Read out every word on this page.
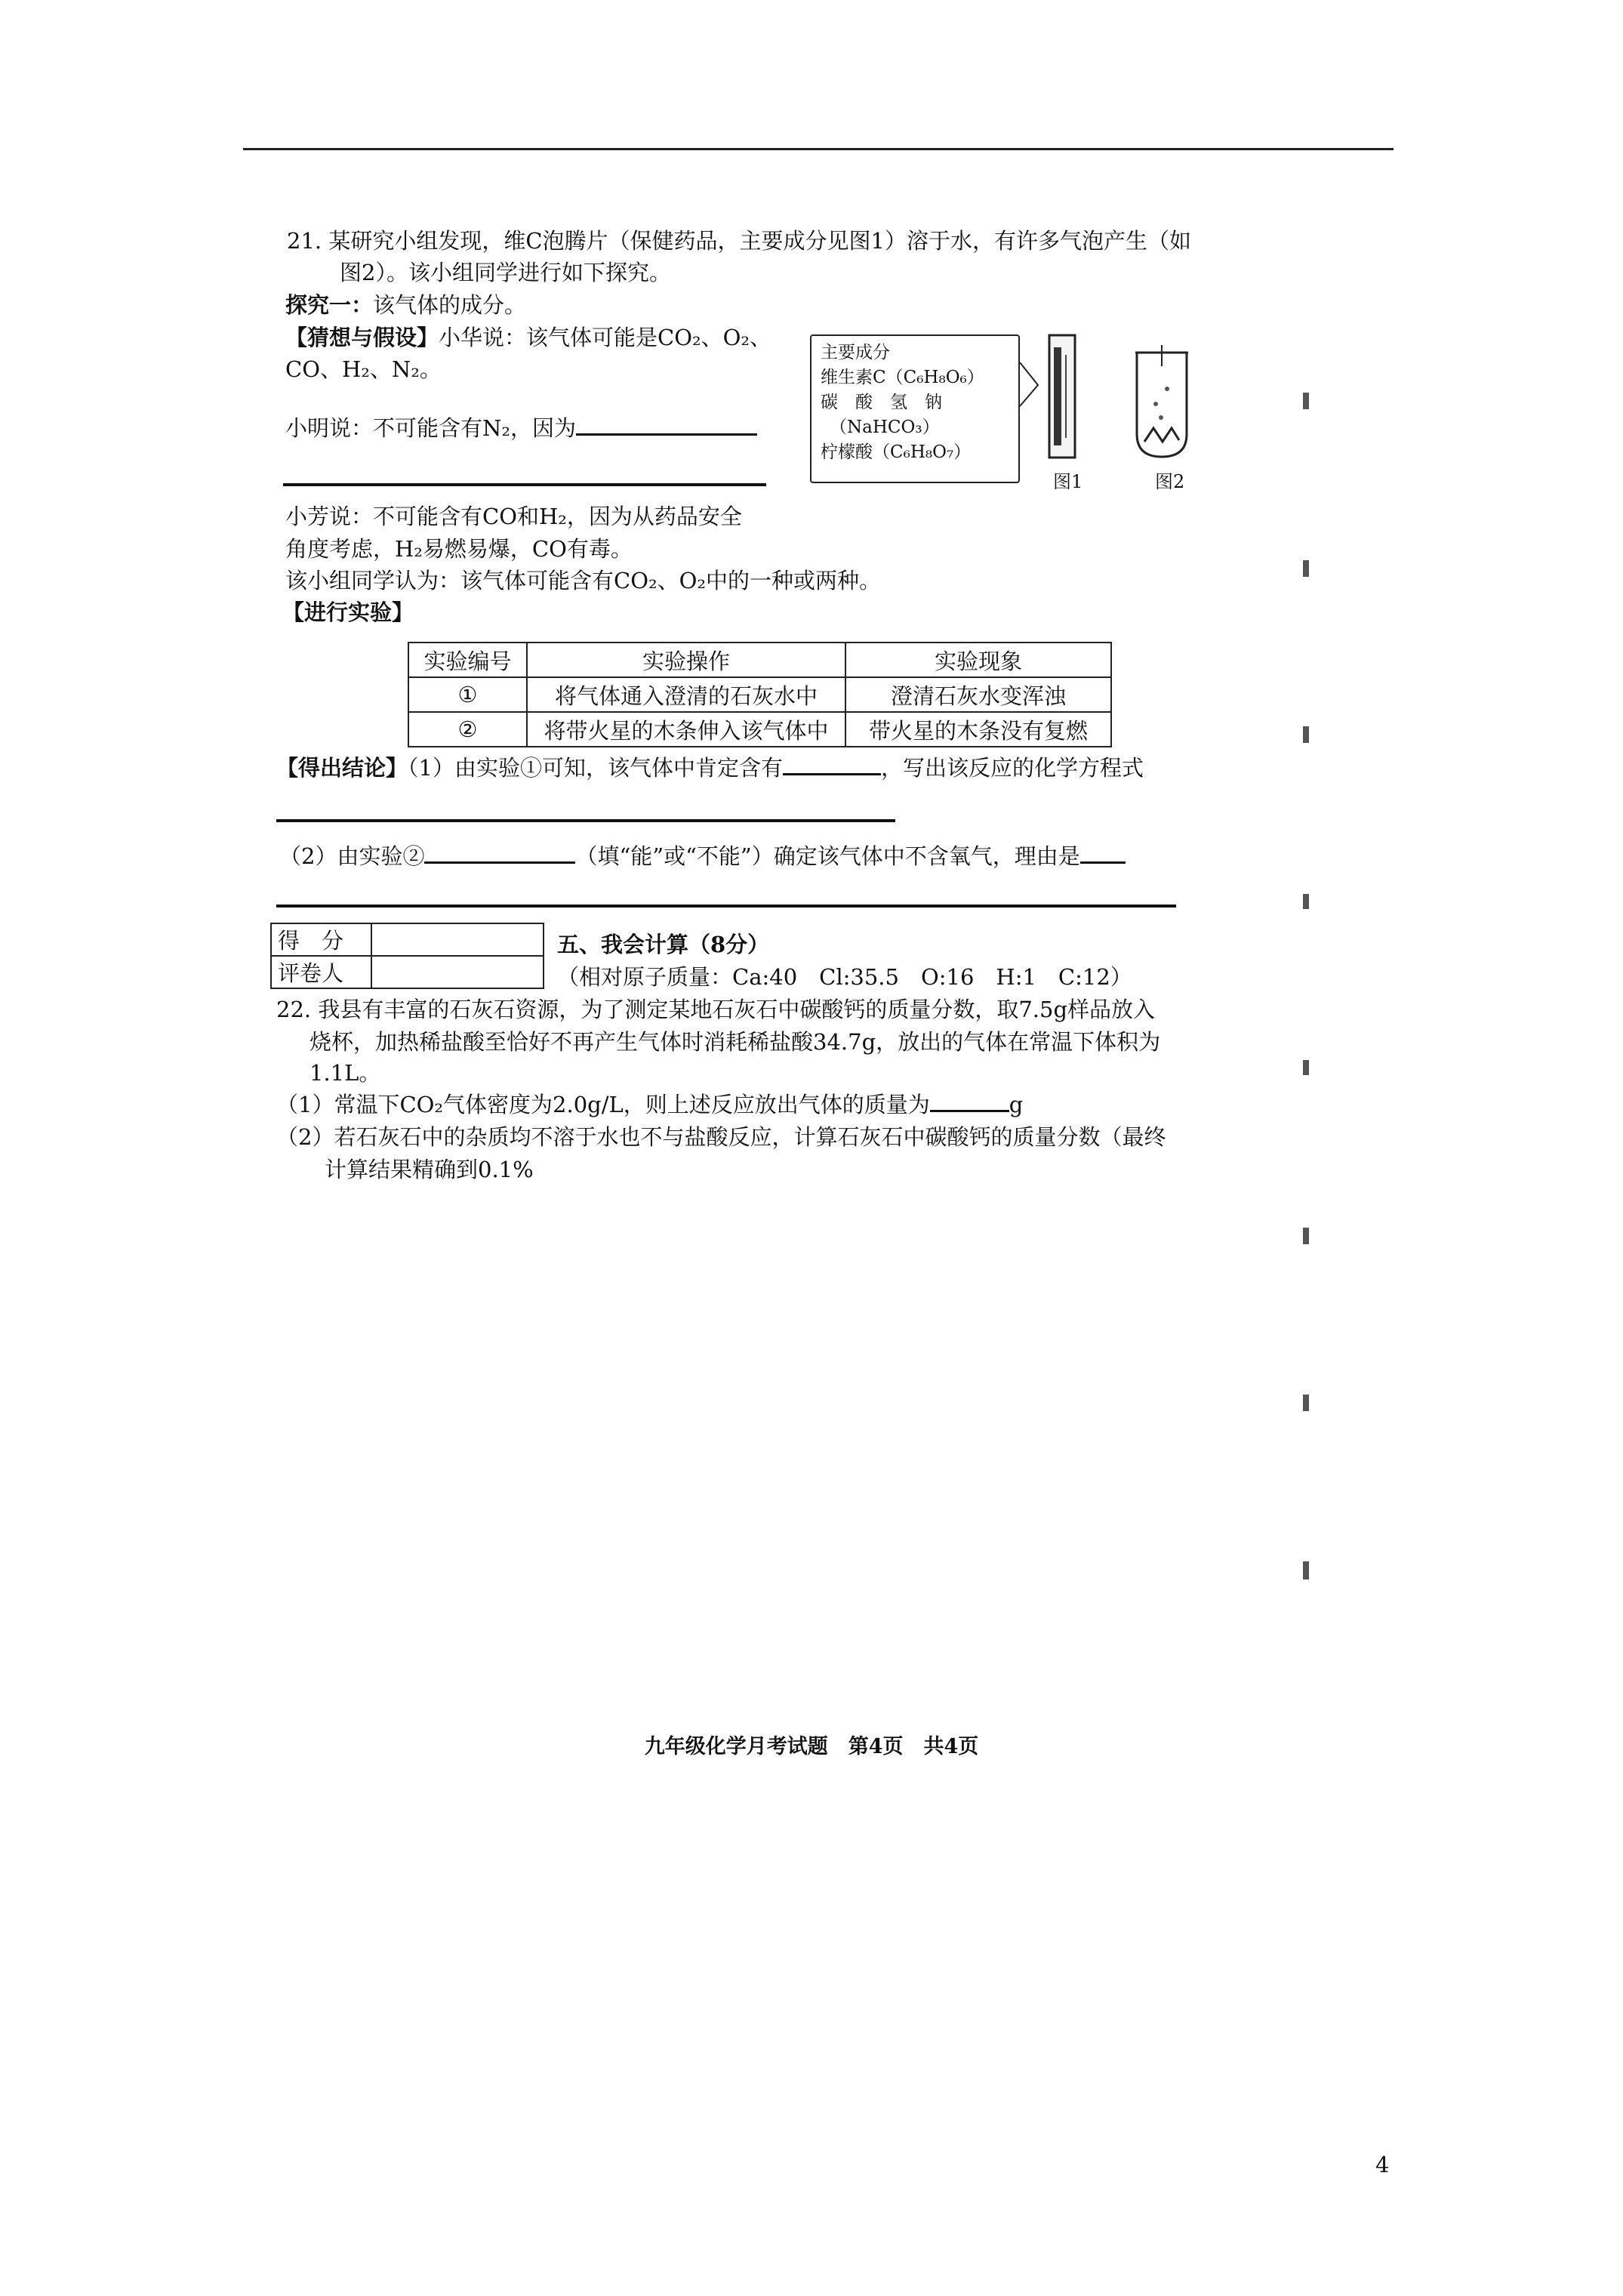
21. 某研究小组发现，维C泡腾片（保健药品，主要成分见图1）溶于水，有许多气泡产生（如
图2）。该小组同学进行如下探究。
探究一：该气体的成分。
【猜想与假设】小华说：该气体可能是CO₂、O₂、
CO、H₂、N₂。
小明说：不可能含有N₂，因为
小芳说：不可能含有CO和H₂，因为从药品安全
角度考虑，H₂易燃易爆，CO有毒。
该小组同学认为：该气体可能含有CO₂、O₂中的一种或两种。
【进行实验】
主要成分
维生素C（C₆H₈O₆）
碳　酸　氢　钠
（NaHCO₃）
柠檬酸（C₆H₈O₇）
图1	图2
实验编号	实验操作	实验现象
①	将气体通入澄清的石灰水中	澄清石灰水变浑浊
②	将带火星的木条伸入该气体中	带火星的木条没有复燃
【得出结论】（1）由实验①可知，该气体中肯定含有	，写出该反应的化学方程式
（2）由实验②	（填“能”或“不能”）确定该气体中不含氧气，理由是
得　分	
评卷人	
五、我会计算（8分）
（相对原子质量：Ca:40　Cl:35.5　O:16　H:1　C:12）
22. 我县有丰富的石灰石资源，为了测定某地石灰石中碳酸钙的质量分数，取7.5g样品放入
烧杯，加热稀盐酸至恰好不再产生气体时消耗稀盐酸34.7g，放出的气体在常温下体积为
1.1L。
（1）常温下CO₂气体密度为2.0g/L，则上述反应放出气体的质量为	g
（2）若石灰石中的杂质均不溶于水也不与盐酸反应，计算石灰石中碳酸钙的质量分数（最终
计算结果精确到0.1%
九年级化学月考试题　第4页　共4页
4
